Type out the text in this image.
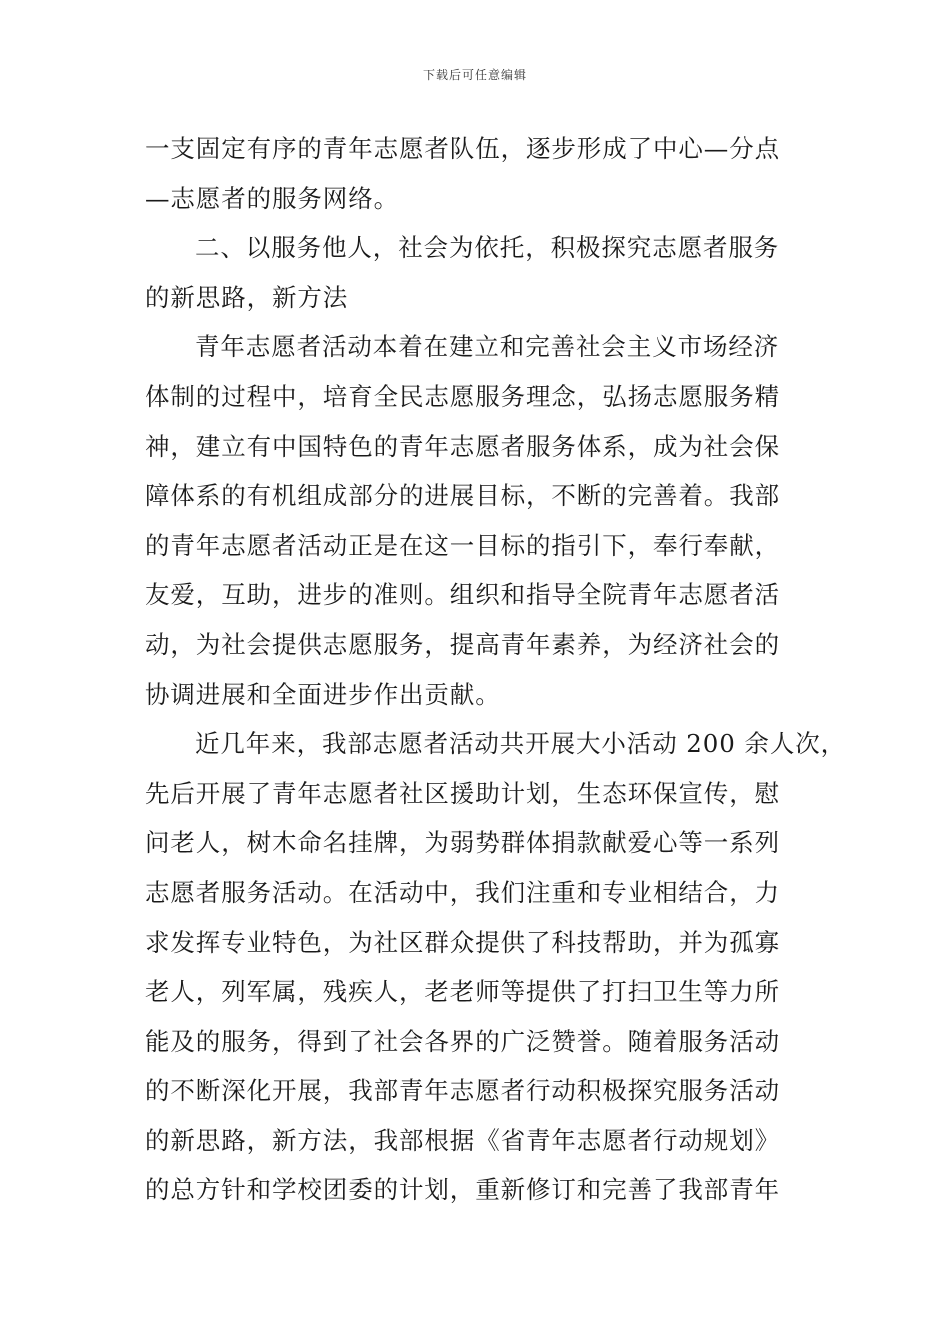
下载后可任意编辑
一支固定有序的青年志愿者队伍，逐步形成了中心—分点
—志愿者的服务网络。
二、以服务他人，社会为依托，积极探究志愿者服务
的新思路，新方法
青年志愿者活动本着在建立和完善社会主义市场经济
体制的过程中，培育全民志愿服务理念，弘扬志愿服务精
神，建立有中国特色的青年志愿者服务体系，成为社会保
障体系的有机组成部分的进展目标，不断的完善着。我部
的青年志愿者活动正是在这一目标的指引下，奉行奉献，
友爱，互助，进步的准则。组织和指导全院青年志愿者活
动，为社会提供志愿服务，提高青年素养，为经济社会的
协调进展和全面进步作出贡献。
近几年来，我部志愿者活动共开展大小活动 200 余人次，
先后开展了青年志愿者社区援助计划，生态环保宣传，慰
问老人，树木命名挂牌，为弱势群体捐款献爱心等一系列
志愿者服务活动。在活动中，我们注重和专业相结合，力
求发挥专业特色，为社区群众提供了科技帮助，并为孤寡
老人，列军属，残疾人，老老师等提供了打扫卫生等力所
能及的服务，得到了社会各界的广泛赞誉。随着服务活动
的不断深化开展，我部青年志愿者行动积极探究服务活动
的新思路，新方法，我部根据《省青年志愿者行动规划》
的总方针和学校团委的计划，重新修订和完善了我部青年
